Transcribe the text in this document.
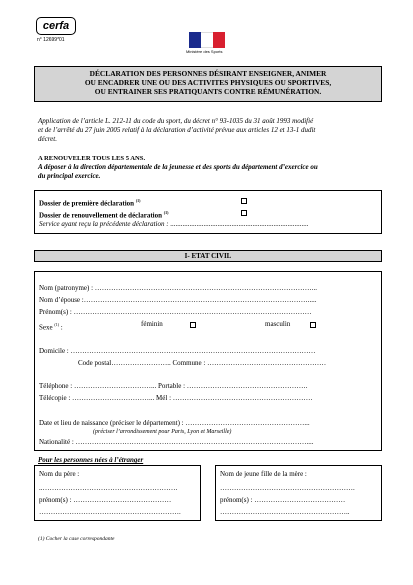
cerfa
n° 12699*01
Ministère des Sports
DÉCLARATION DES PERSONNES DÉSIRANT ENSEIGNER, ANIMER
OU ENCADRER UNE OU DES ACTIVITES PHYSIQUES OU SPORTIVES,
OU ENTRAINER SES PRATIQUANTS CONTRE RÉMUNÉRATION.
Application de l’article L. 212-11 du code du sport, du décret n° 93-1035 du 31 août 1993 modifié
et de l’arrêté du 27 juin 2005 relatif à la déclaration d’activité prévue aux articles 12 et 13-1 dudit
décret.
A RENOUVELER TOUS LES 5 ANS.
A déposer à la direction départementale de la jeunesse et des sports du département d’exercice ou
du principal exercice.
Dossier de première déclaration $^{(1)}$
Dossier de renouvellement de déclaration $^{(1)}$
Service ayant reçu la précédente déclaration : ...............................................................................
I- ETAT CIVIL
Nom (patronyme) : …………………………………………………………………………………...
Nom d’épouse :…………………………………………………………………………………….....
Prénom(s) : …………………………………………………………………………………………
Sexe $^{(1)}$ :	féminin	masculin
Domicile : ……………………………………………………………………………………………
Code postal…………………….. Commune : ……………………………………………
Téléphone : ……………………………... Portable : …………………………………………….
Télécopie : ……………………………... Mél : ……………………………………………………
Date et lieu de naissance (préciser le département) : ……………………………………………...
(préciser l’arrondissement pour Paris, Lyon et Marseille)
Nationalité : ………………………………………………………………………………………....
Pour les personnes nées à l’étranger
Nom du père :
..………………………………………………….
prénom(s) : ……………………………………
…………………………………………………….
Nom de jeune fille de la mère :
………………………………………………….
prénom(s) : …………………………………
………………………………………………..
(1) Cocher la case correspondante
